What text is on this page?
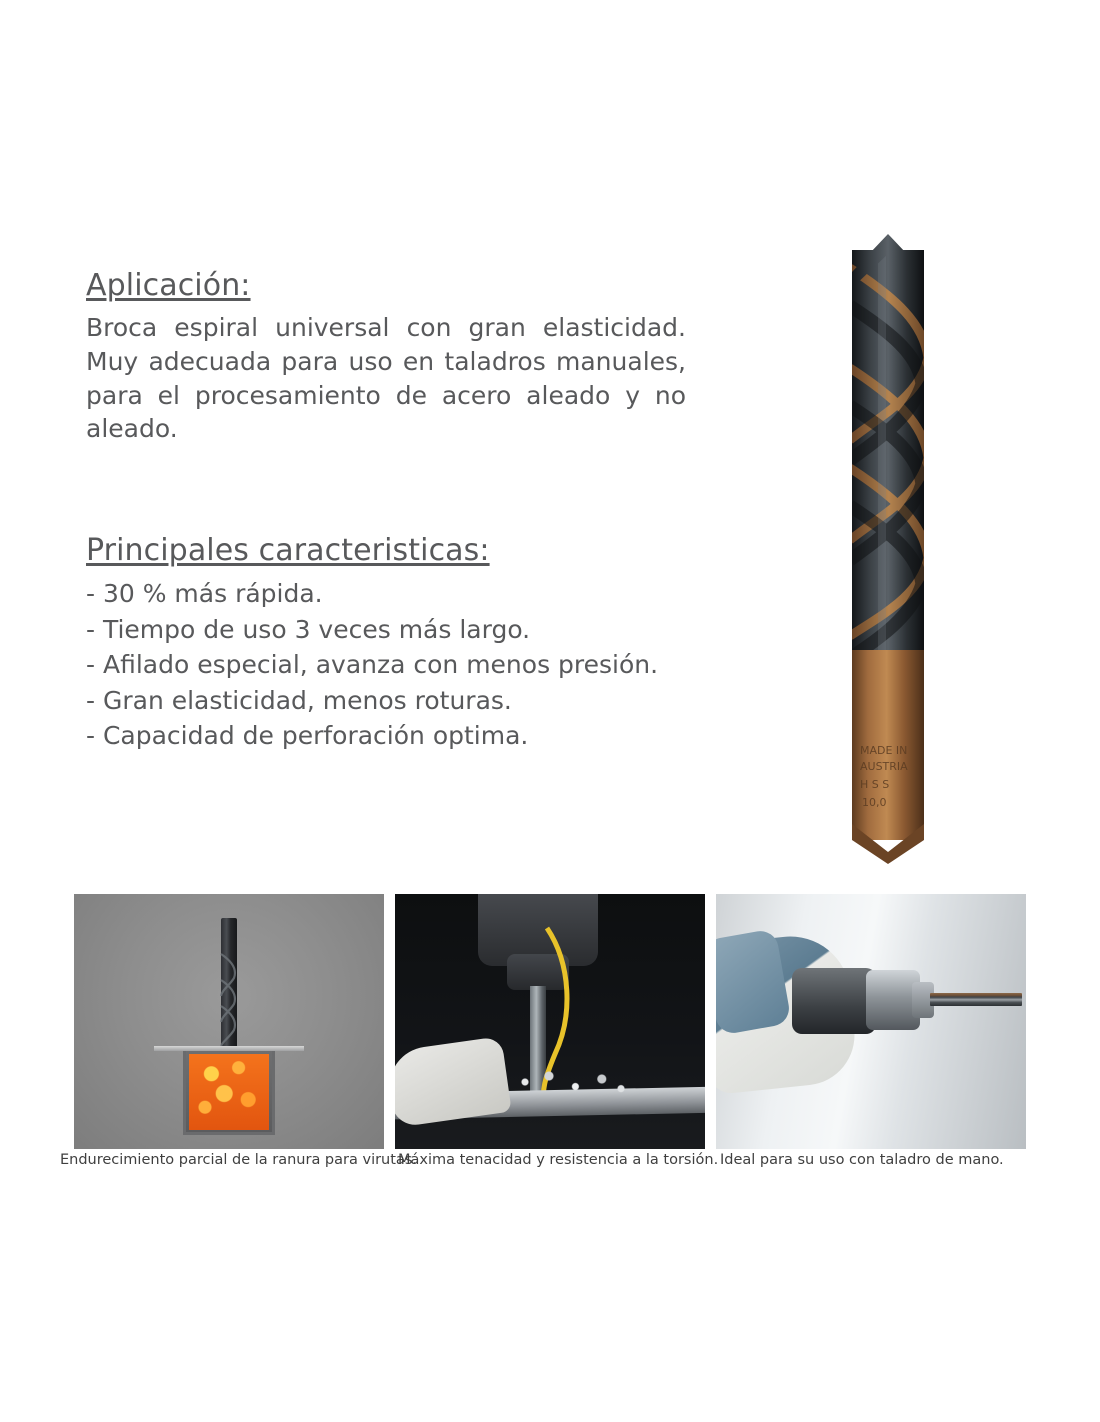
Aplicación:

Broca espiral universal con gran elasticidad. Muy adecuada para uso en taladros manuales, para el procesamiento de acero aleado y no aleado.

Principales caracteristicas:
- 30 % más rápida.
- Tiempo de uso 3 veces más largo.
- Afilado especial, avanza con menos presión.
- Gran elasticidad, menos roturas.
- Capacidad de perforación optima.
MADE IN
AUSTRIA
H S S
10,0
Endurecimiento parcial de la ranura para virutas.
Máxima tenacidad y resistencia a la torsión. Ideal para su uso con taladro de mano.
